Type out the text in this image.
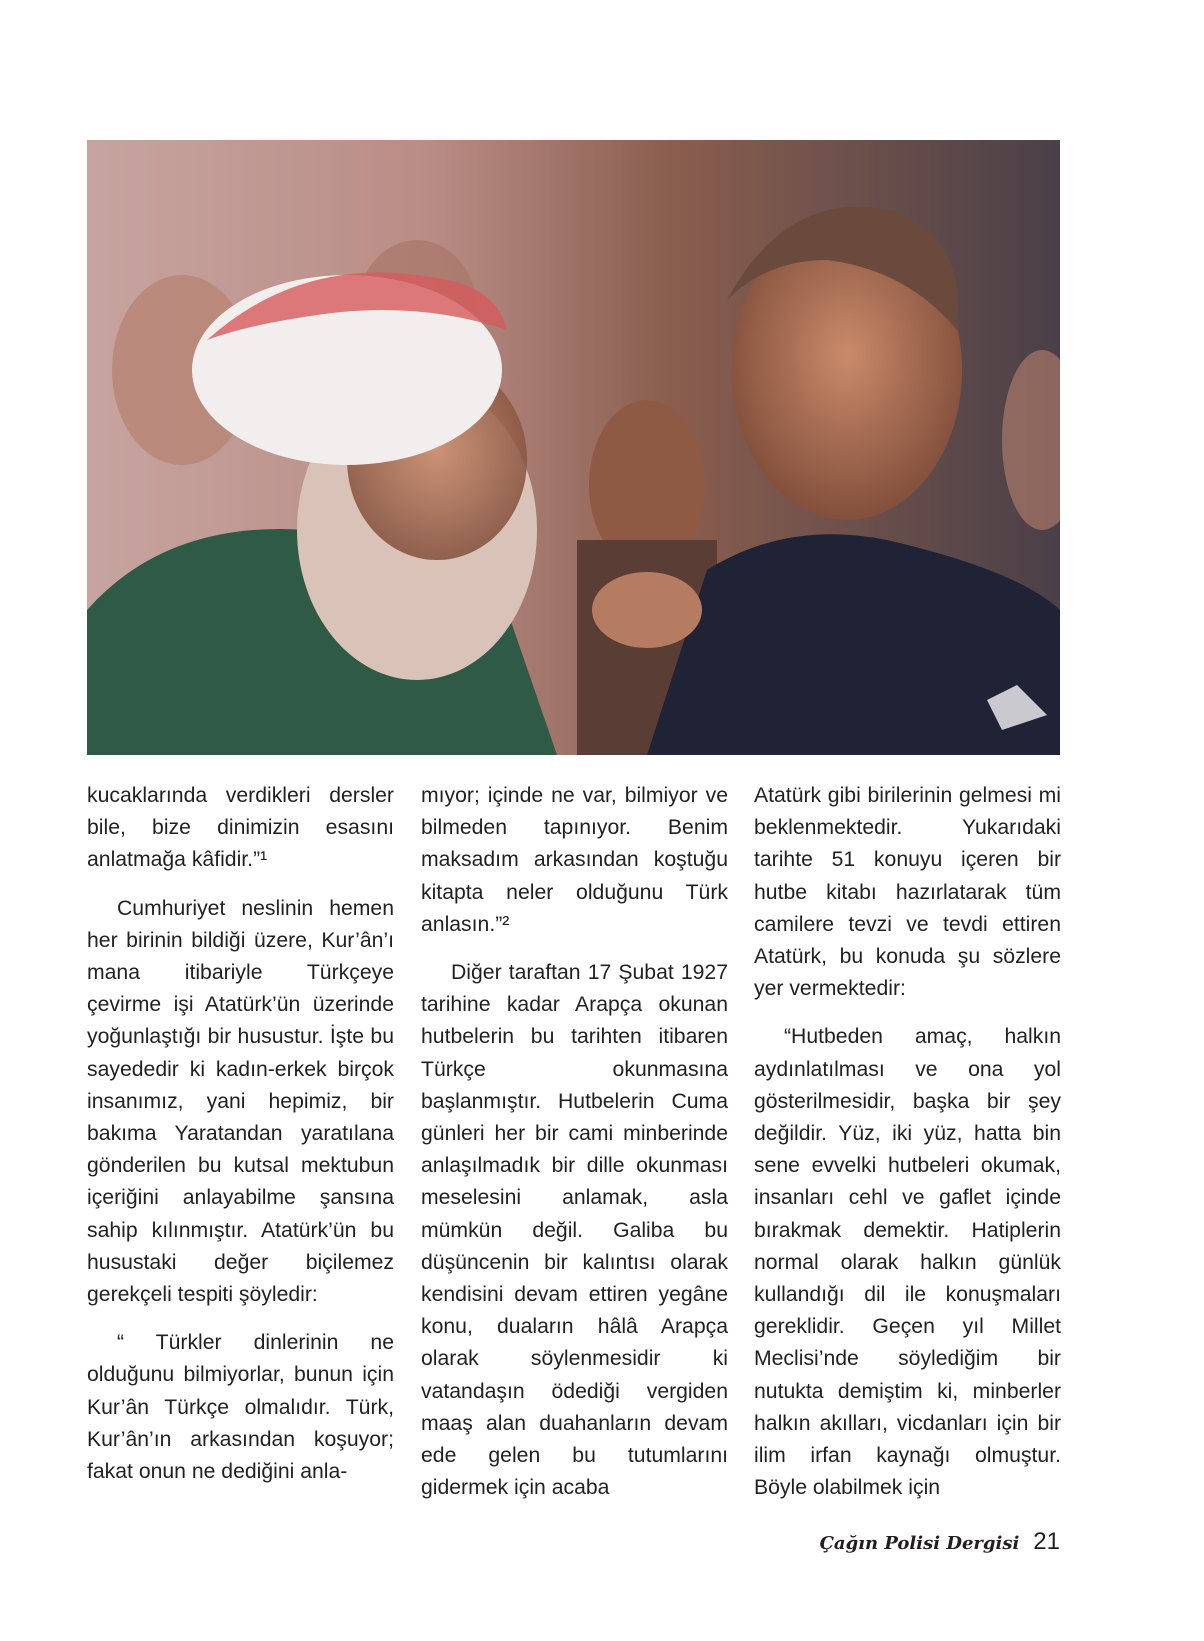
kucaklarında verdikleri dersler bile, bize dinimizin esasını anlatmağa kâfidir.”¹

Cumhuriyet neslinin hemen her birinin bildiği üzere, Kur’ân’ı mana itibariyle Türkçeye çevirme işi Atatürk’ün üzerinde yoğunlaştığı bir husustur. İşte bu sayededir ki kadın-erkek birçok insanımız, yani hepimiz, bir bakıma Yaratandan yaratılana gönderilen bu kutsal mektubun içeriğini anlayabilme şansına sahip kılınmıştır. Atatürk’ün bu husustaki değer biçilemez gerekçeli tespiti şöyledir:

“ Türkler dinlerinin ne olduğunu bilmiyorlar, bunun için Kur’ân Türkçe olmalıdır. Türk, Kur’ân’ın arkasından koşuyor; fakat onun ne dediğini anla-

mıyor; içinde ne var, bilmiyor ve bilmeden tapınıyor. Benim maksadım arkasından koştuğu kitapta neler olduğunu Türk anlasın.”²

Diğer taraftan 17 Şubat 1927 tarihine kadar Arapça okunan hutbelerin bu tarihten itibaren Türkçe okunmasına başlanmıştır. Hutbelerin Cuma günleri her bir cami minberinde anlaşılmadık bir dille okunması meselesini anlamak, asla mümkün değil. Galiba bu düşüncenin bir kalıntısı olarak kendisini devam ettiren yegâne konu, duaların hâlâ Arapça olarak söylenmesidir ki vatandaşın ödediği vergiden maaş alan duahanların devam ede gelen bu tutumlarını gidermek için acaba

Atatürk gibi birilerinin gelmesi mi beklenmektedir. Yukarıdaki tarihte 51 konuyu içeren bir hutbe kitabı hazırlatarak tüm camilere tevzi ve tevdi ettiren Atatürk, bu konuda şu sözlere yer vermektedir:

“Hutbeden amaç, halkın aydınlatılması ve ona yol gösterilmesidir, başka bir şey değildir. Yüz, iki yüz, hatta bin sene evvelki hutbeleri okumak, insanları cehl ve gaflet içinde bırakmak demektir. Hatiplerin normal olarak halkın günlük kullandığı dil ile konuşmaları gereklidir. Geçen yıl Millet Meclisi’nde söylediğim bir nutukta demiştim ki, minberler halkın akılları, vicdanları için bir ilim irfan kaynağı olmuştur. Böyle olabilmek için

Çağın Polisi Dergisi 21
